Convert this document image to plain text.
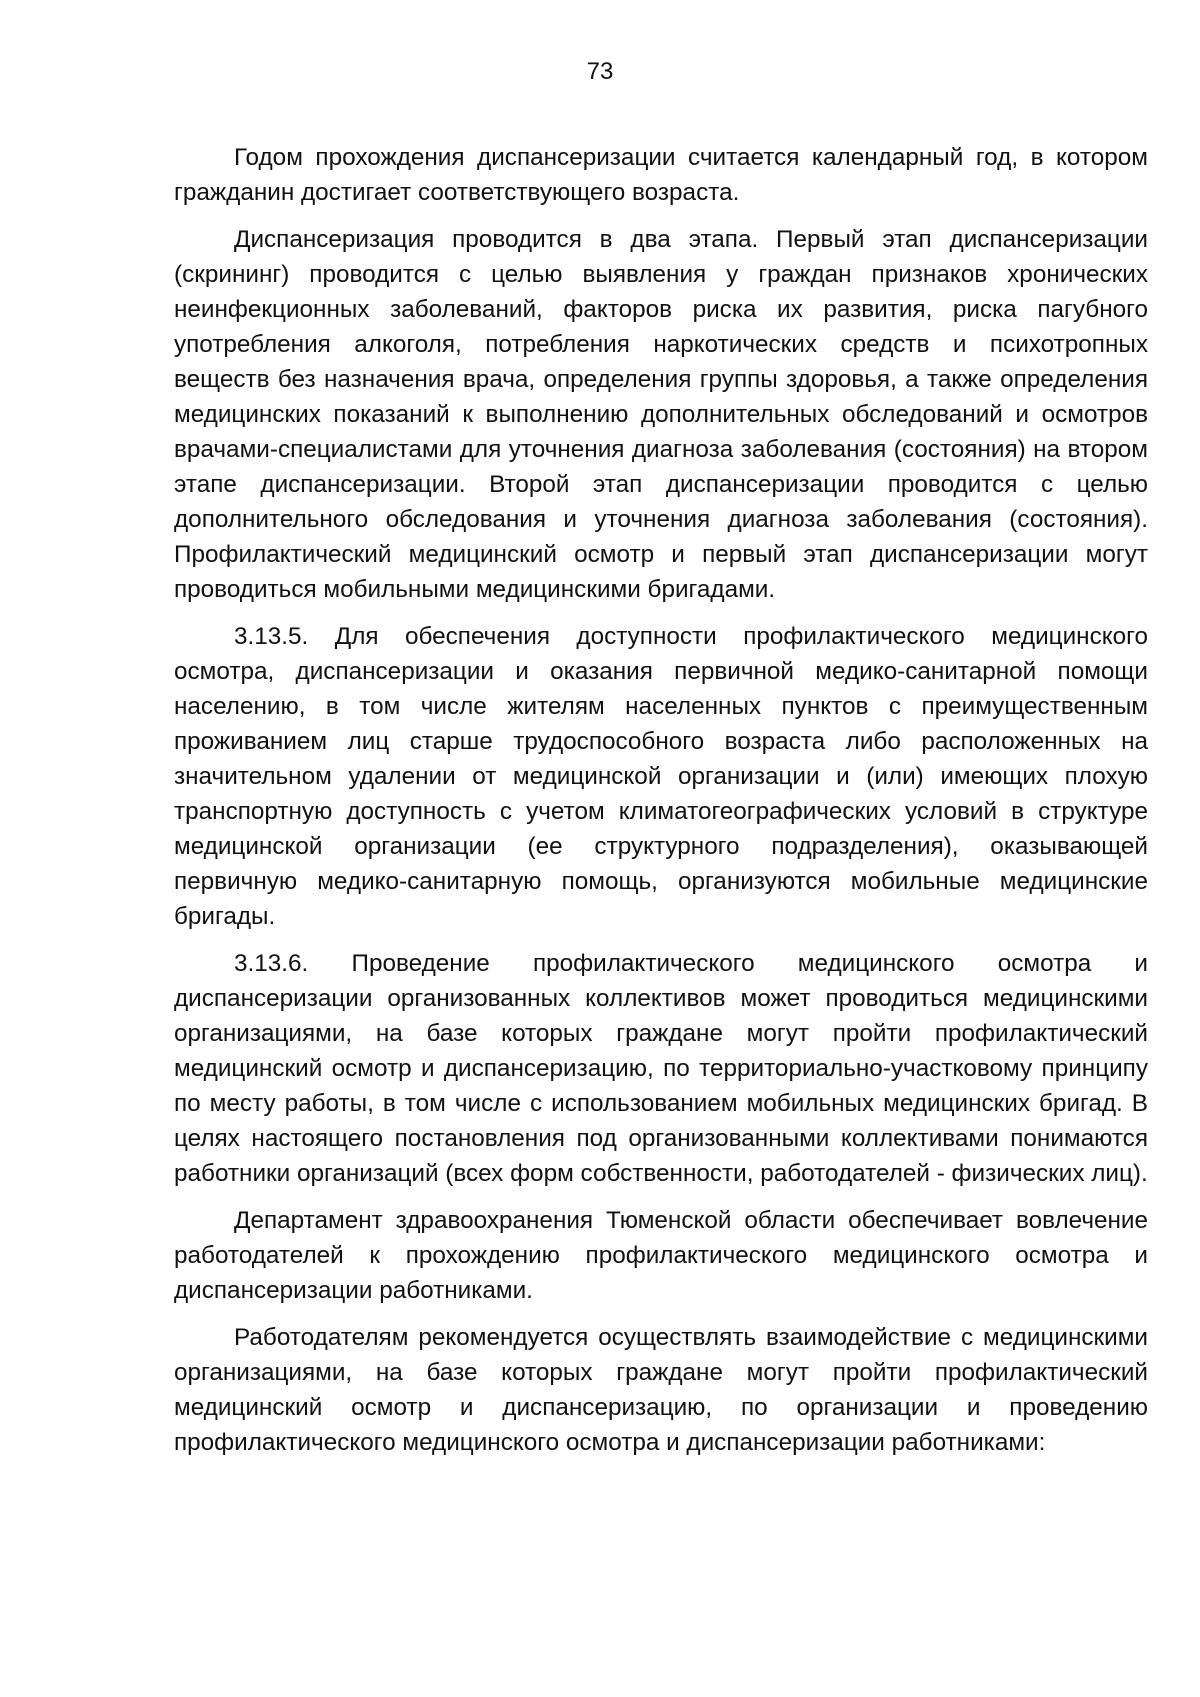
73

Годом прохождения диспансеризации считается календарный год, в котором гражданин достигает соответствующего возраста.

Диспансеризация проводится в два этапа. Первый этап диспансеризации (скрининг) проводится с целью выявления у граждан признаков хронических неинфекционных заболеваний, факторов риска их развития, риска пагубного употребления алкоголя, потребления наркотических средств и психотропных веществ без назначения врача, определения группы здоровья, а также определения медицинских показаний к выполнению дополнительных обследований и осмотров врачами-специалистами для уточнения диагноза заболевания (состояния) на втором этапе диспансеризации. Второй этап диспансеризации проводится с целью дополнительного обследования и уточнения диагноза заболевания (состояния). Профилактический медицинский осмотр и первый этап диспансеризации могут проводиться мобильными медицинскими бригадами.

3.13.5. Для обеспечения доступности профилактического медицинского осмотра, диспансеризации и оказания первичной медико-санитарной помощи населению, в том числе жителям населенных пунктов с преимущественным проживанием лиц старше трудоспособного возраста либо расположенных на значительном удалении от медицинской организации и (или) имеющих плохую транспортную доступность с учетом климатогеографических условий в структуре медицинской организации (ее структурного подразделения), оказывающей первичную медико-санитарную помощь, организуются мобильные медицинские бригады.

3.13.6. Проведение профилактического медицинского осмотра и диспансеризации организованных коллективов может проводиться медицинскими организациями, на базе которых граждане могут пройти профилактический медицинский осмотр и диспансеризацию, по территориально-участковому принципу по месту работы, в том числе с использованием мобильных медицинских бригад. В целях настоящего постановления под организованными коллективами понимаются работники организаций (всех форм собственности, работодателей - физических лиц).

Департамент здравоохранения Тюменской области обеспечивает вовлечение работодателей к прохождению профилактического медицинского осмотра и диспансеризации работниками.

Работодателям рекомендуется осуществлять взаимодействие с медицинскими организациями, на базе которых граждане могут пройти профилактический медицинский осмотр и диспансеризацию, по организации и проведению профилактического медицинского осмотра и диспансеризации работниками:
